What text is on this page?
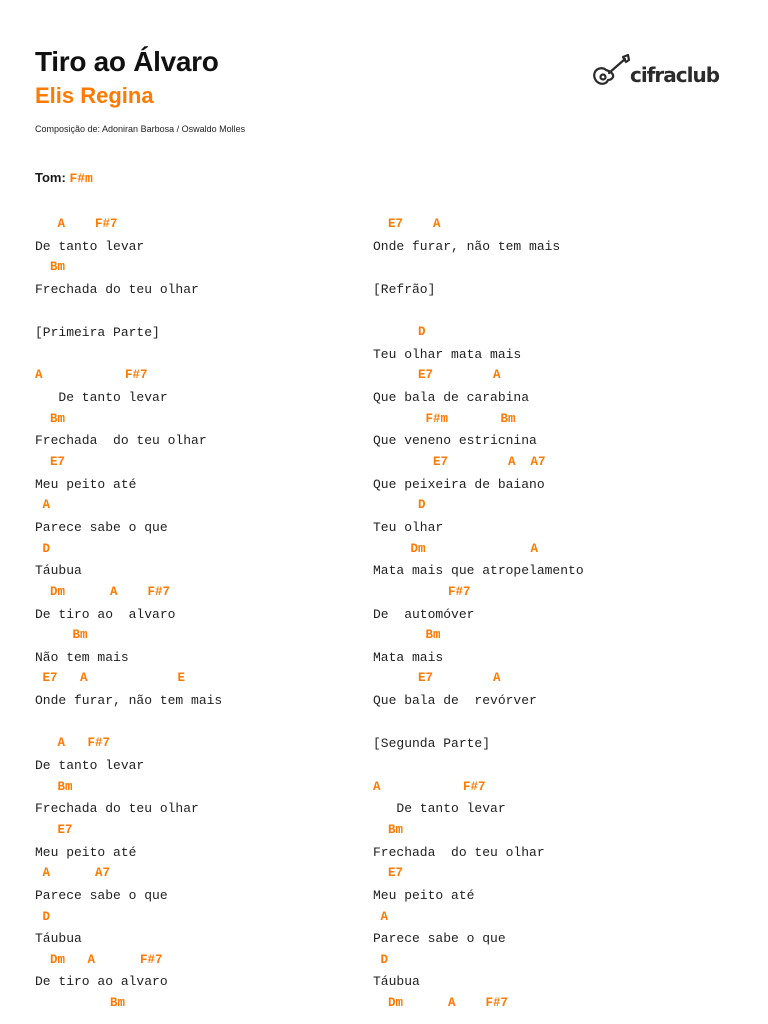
Tiro ao Álvaro
Elis Regina
Composição de: Adoniran Barbosa / Oswaldo Molles
cifraclub
Tom: F#m
A    F#7
De tanto levar
Bm
Frechada do teu olhar
[Primeira Parte]
A           F#7
De tanto levar
Bm
Frechada  do teu olhar
E7
Meu peito até
A
Parece sabe o que
D
Táubua
Dm      A    F#7
De tiro ao  alvaro
Bm
Não tem mais
E7   A            E
Onde furar, não tem mais
A   F#7
De tanto levar
Bm
Frechada do teu olhar
E7
Meu peito até
A      A7
Parece sabe o que
D
Táubua
Dm   A      F#7
De tiro ao alvaro
Bm
E7    A
Onde furar, não tem mais
[Refrão]
D
Teu olhar mata mais
E7        A
Que bala de carabina
F#m       Bm
Que veneno estricnina
E7        A  A7
Que peixeira de baiano
D
Teu olhar
Dm              A
Mata mais que atropelamento
F#7
De  automóver
Bm
Mata mais
E7        A
Que bala de  revórver
[Segunda Parte]
A           F#7
De tanto levar
Bm
Frechada  do teu olhar
E7
Meu peito até
A
Parece sabe o que
D
Táubua
Dm      A    F#7
